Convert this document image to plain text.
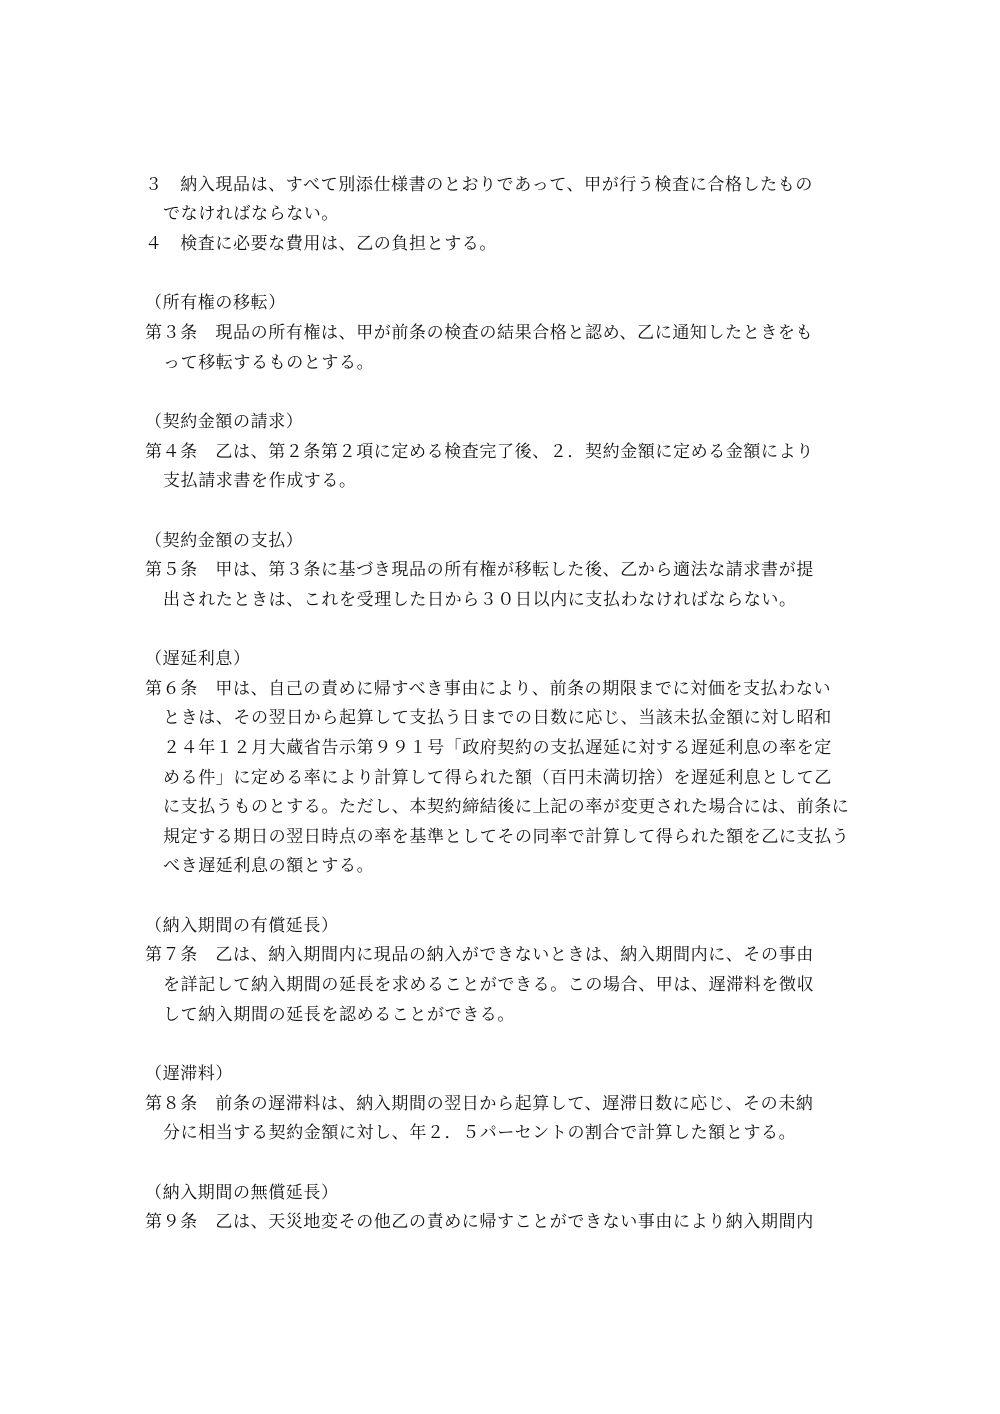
３　納入現品は、すべて別添仕様書のとおりであって、甲が行う検査に合格したもの
でなければならない。
４　検査に必要な費用は、乙の負担とする。
（所有権の移転）
第３条　現品の所有権は、甲が前条の検査の結果合格と認め、乙に通知したときをも
って移転するものとする。
（契約金額の請求）
第４条　乙は、第２条第２項に定める検査完了後、２．契約金額に定める金額により
支払請求書を作成する。
（契約金額の支払）
第５条　甲は、第３条に基づき現品の所有権が移転した後、乙から適法な請求書が提
出されたときは、これを受理した日から３０日以内に支払わなければならない。
（遅延利息）
第６条　甲は、自己の責めに帰すべき事由により、前条の期限までに対価を支払わない
ときは、その翌日から起算して支払う日までの日数に応じ、当該未払金額に対し昭和
２４年１２月大蔵省告示第９９１号「政府契約の支払遅延に対する遅延利息の率を定
める件」に定める率により計算して得られた額（百円未満切捨）を遅延利息として乙
に支払うものとする。ただし、本契約締結後に上記の率が変更された場合には、前条に
規定する期日の翌日時点の率を基準としてその同率で計算して得られた額を乙に支払う
べき遅延利息の額とする。
（納入期間の有償延長）
第７条　乙は、納入期間内に現品の納入ができないときは、納入期間内に、その事由
を詳記して納入期間の延長を求めることができる。この場合、甲は、遅滞料を徴収
して納入期間の延長を認めることができる。
（遅滞料）
第８条　前条の遅滞料は、納入期間の翌日から起算して、遅滞日数に応じ、その未納
分に相当する契約金額に対し、年２．５パーセントの割合で計算した額とする。
（納入期間の無償延長）
第９条　乙は、天災地変その他乙の責めに帰すことができない事由により納入期間内
